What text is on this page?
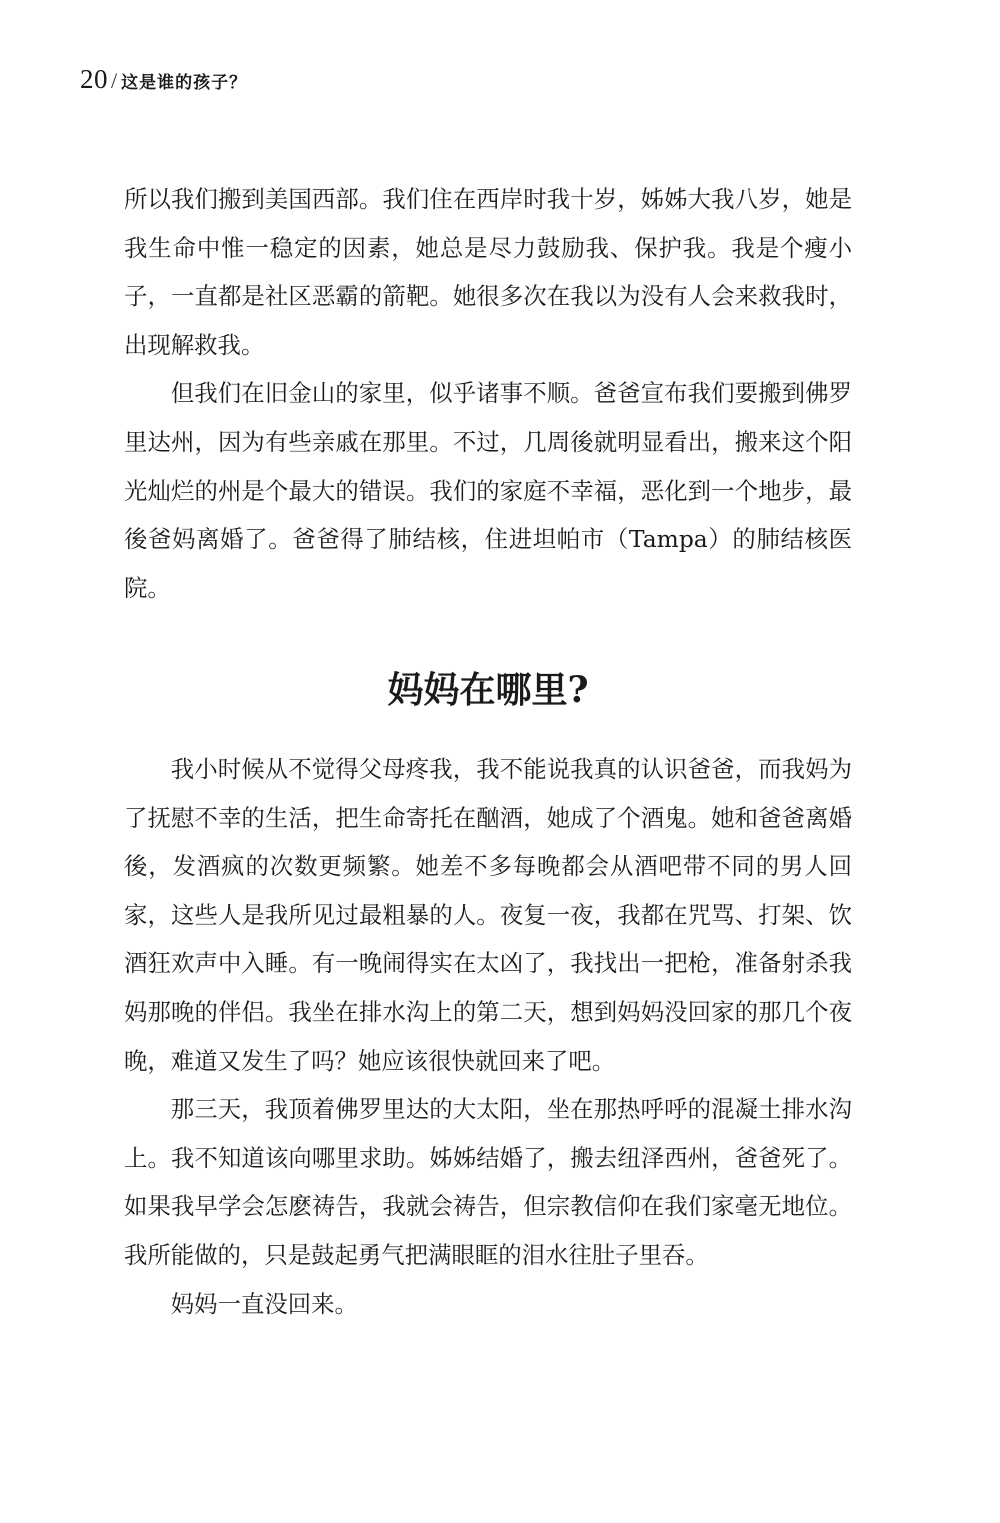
20 / 这是谁的孩子？

所以我们搬到美国西部。我们住在西岸时我十岁，姊姊大我八岁，她是我生命中惟一稳定的因素，她总是尽力鼓励我、保护我。我是个瘦小子，一直都是社区恶霸的箭靶。她很多次在我以为没有人会来救我时，出现解救我。

但我们在旧金山的家里，似乎诸事不顺。爸爸宣布我们要搬到佛罗里达州，因为有些亲戚在那里。不过，几周後就明显看出，搬来这个阳光灿烂的州是个最大的错误。我们的家庭不幸福，恶化到一个地步，最後爸妈离婚了。爸爸得了肺结核，住进坦帕市（Tampa）的肺结核医院。

妈妈在哪里?

我小时候从不觉得父母疼我，我不能说我真的认识爸爸，而我妈为了抚慰不幸的生活，把生命寄托在酗酒，她成了个酒鬼。她和爸爸离婚後，发酒疯的次数更频繁。她差不多每晚都会从酒吧带不同的男人回家，这些人是我所见过最粗暴的人。夜复一夜，我都在咒骂、打架、饮酒狂欢声中入睡。有一晚闹得实在太凶了，我找出一把枪，准备射杀我妈那晚的伴侣。我坐在排水沟上的第二天，想到妈妈没回家的那几个夜晚，难道又发生了吗？她应该很快就回来了吧。

那三天，我顶着佛罗里达的大太阳，坐在那热呼呼的混凝土排水沟上。我不知道该向哪里求助。姊姊结婚了，搬去纽泽西州，爸爸死了。如果我早学会怎麽祷告，我就会祷告，但宗教信仰在我们家毫无地位。我所能做的，只是鼓起勇气把满眼眶的泪水往肚子里吞。

妈妈一直没回来。
